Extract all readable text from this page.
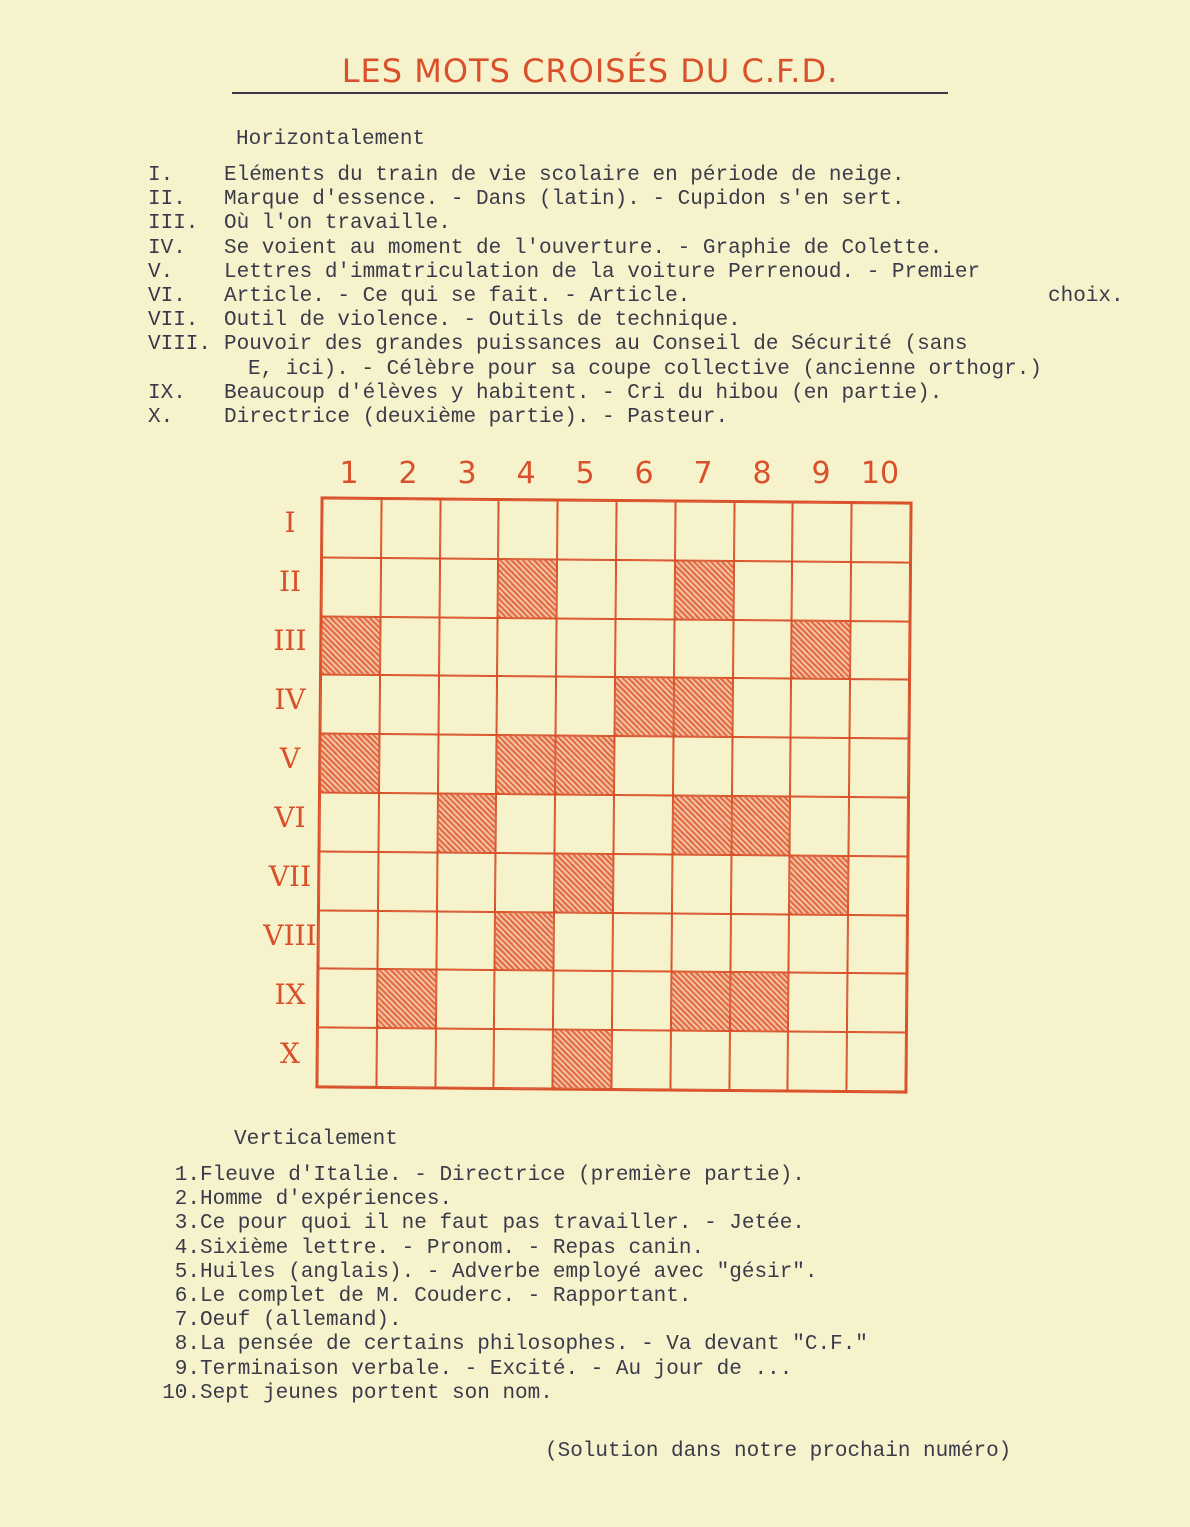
LES MOTS CROISÉS DU C.F.D.
Horizontalement
I. Eléments du train de vie scolaire en période de neige.
II. Marque d'essence. - Dans (latin). - Cupidon s'en sert.
III. Où l'on travaille.
IV. Se voient au moment de l'ouverture. - Graphie de Colette.
V. Lettres d'immatriculation de la voiture Perrenoud. - Premier
VI. Article. - Ce qui se fait. - Article.	choix.
VII. Outil de violence. - Outils de technique.
VIII. Pouvoir des grandes puissances au Conseil de Sécurité (sans
E, ici). - Célèbre pour sa coupe collective (ancienne orthogr.)
IX. Beaucoup d'élèves y habitent. - Cri du hibou (en partie).
X. Directrice (deuxième partie). - Pasteur.
1	2	3	4	5	6	7	8	9	10
I
II
III
IV
V
VI
VII
VIII
IX
X
Verticalement
1. Fleuve d'Italie. - Directrice (première partie).
2. Homme d'expériences.
3. Ce pour quoi il ne faut pas travailler. - Jetée.
4. Sixième lettre. - Pronom. - Repas canin.
5. Huiles (anglais). - Adverbe employé avec "gésir".
6. Le complet de M. Couderc. - Rapportant.
7. Oeuf (allemand).
8. La pensée de certains philosophes. - Va devant "C.F."
9. Terminaison verbale. - Excité. - Au jour de ...
10. Sept jeunes portent son nom.
(Solution dans notre prochain numéro)
